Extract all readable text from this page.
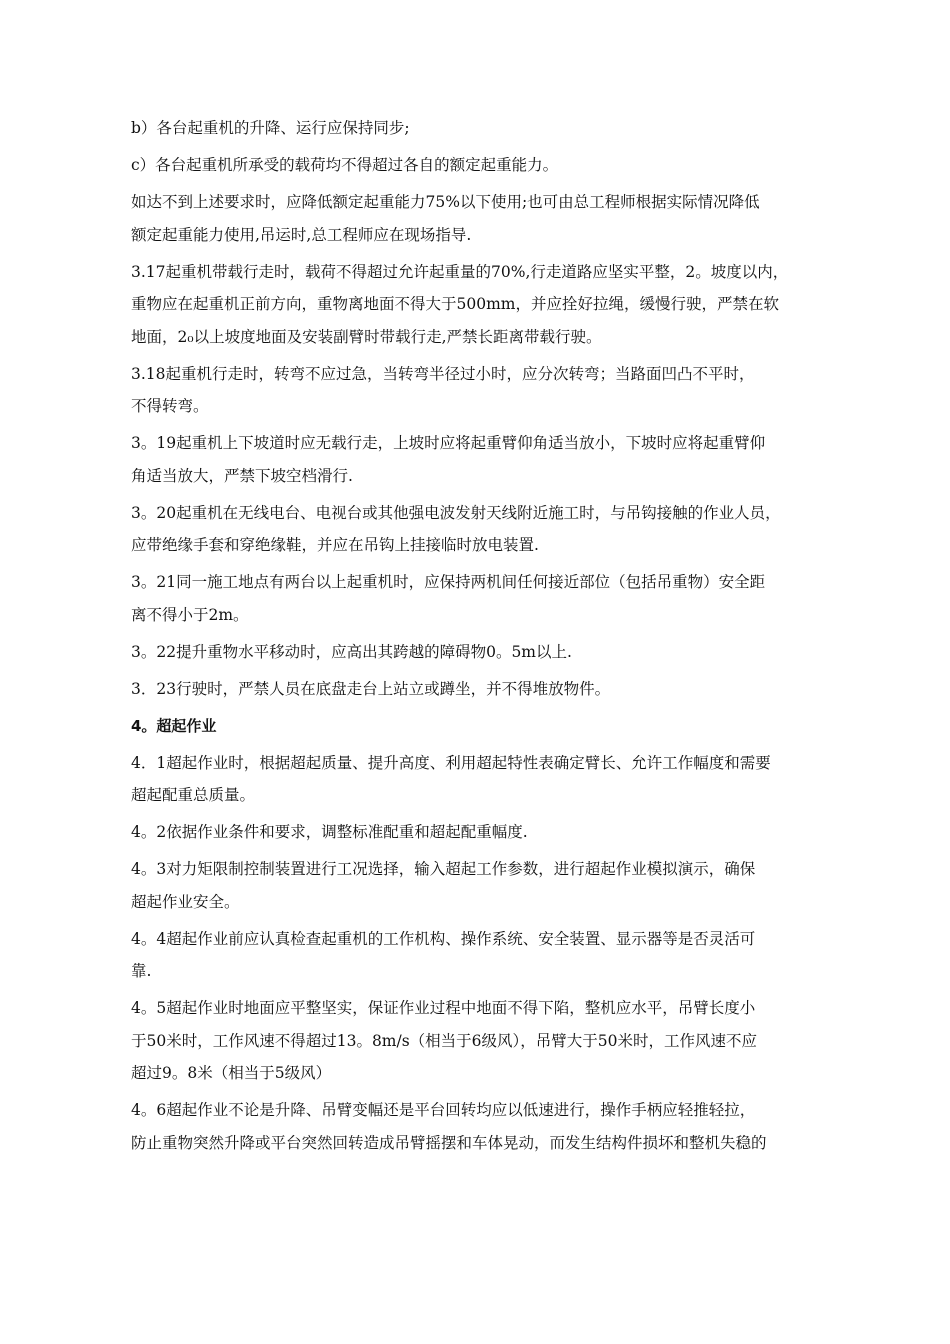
b）各台起重机的升降、运行应保持同步;

c）各台起重机所承受的载荷均不得超过各自的额定起重能力。

如达不到上述要求时，应降低额定起重能力75%以下使用;也可由总工程师根据实际情况降低

额定起重能力使用,吊运时,总工程师应在现场指导.

3.17起重机带载行走时，载荷不得超过允许起重量的70%,行走道路应坚实平整，2。坡度以内，

重物应在起重机正前方向，重物离地面不得大于500mm，并应拴好拉绳，缓慢行驶，严禁在软

地面，2₀以上坡度地面及安装副臂时带载行走,严禁长距离带载行驶。

3.18起重机行走时，转弯不应过急，当转弯半径过小时，应分次转弯；当路面凹凸不平时，

不得转弯。

3。19起重机上下坡道时应无载行走，上坡时应将起重臂仰角适当放小，下坡时应将起重臂仰

角适当放大，严禁下坡空档滑行.

3。20起重机在无线电台、电视台或其他强电波发射天线附近施工时，与吊钩接触的作业人员，

应带绝缘手套和穿绝缘鞋，并应在吊钩上挂接临时放电装置.

3。21同一施工地点有两台以上起重机时，应保持两机间任何接近部位（包括吊重物）安全距

离不得小于2m。

3。22提升重物水平移动时，应高出其跨越的障碍物0。5m以上.

3．23行驶时，严禁人员在底盘走台上站立或蹲坐，并不得堆放物件。

4。超起作业

4．1超起作业时，根据超起质量、提升高度、利用超起特性表确定臂长、允许工作幅度和需要

超起配重总质量。

4。2依据作业条件和要求，调整标准配重和超起配重幅度.

4。3对力矩限制控制装置进行工况选择，输入超起工作参数，进行超起作业模拟演示，确保

超起作业安全。

4。4超起作业前应认真检查起重机的工作机构、操作系统、安全装置、显示器等是否灵活可

靠.

4。5超起作业时地面应平整坚实，保证作业过程中地面不得下陷，整机应水平，吊臂长度小

于50米时，工作风速不得超过13。8m/s（相当于6级风），吊臂大于50米时，工作风速不应

超过9。8米（相当于5级风）

4。6超起作业不论是升降、吊臂变幅还是平台回转均应以低速进行，操作手柄应轻推轻拉，

防止重物突然升降或平台突然回转造成吊臂摇摆和车体晃动，而发生结构件损坏和整机失稳的
